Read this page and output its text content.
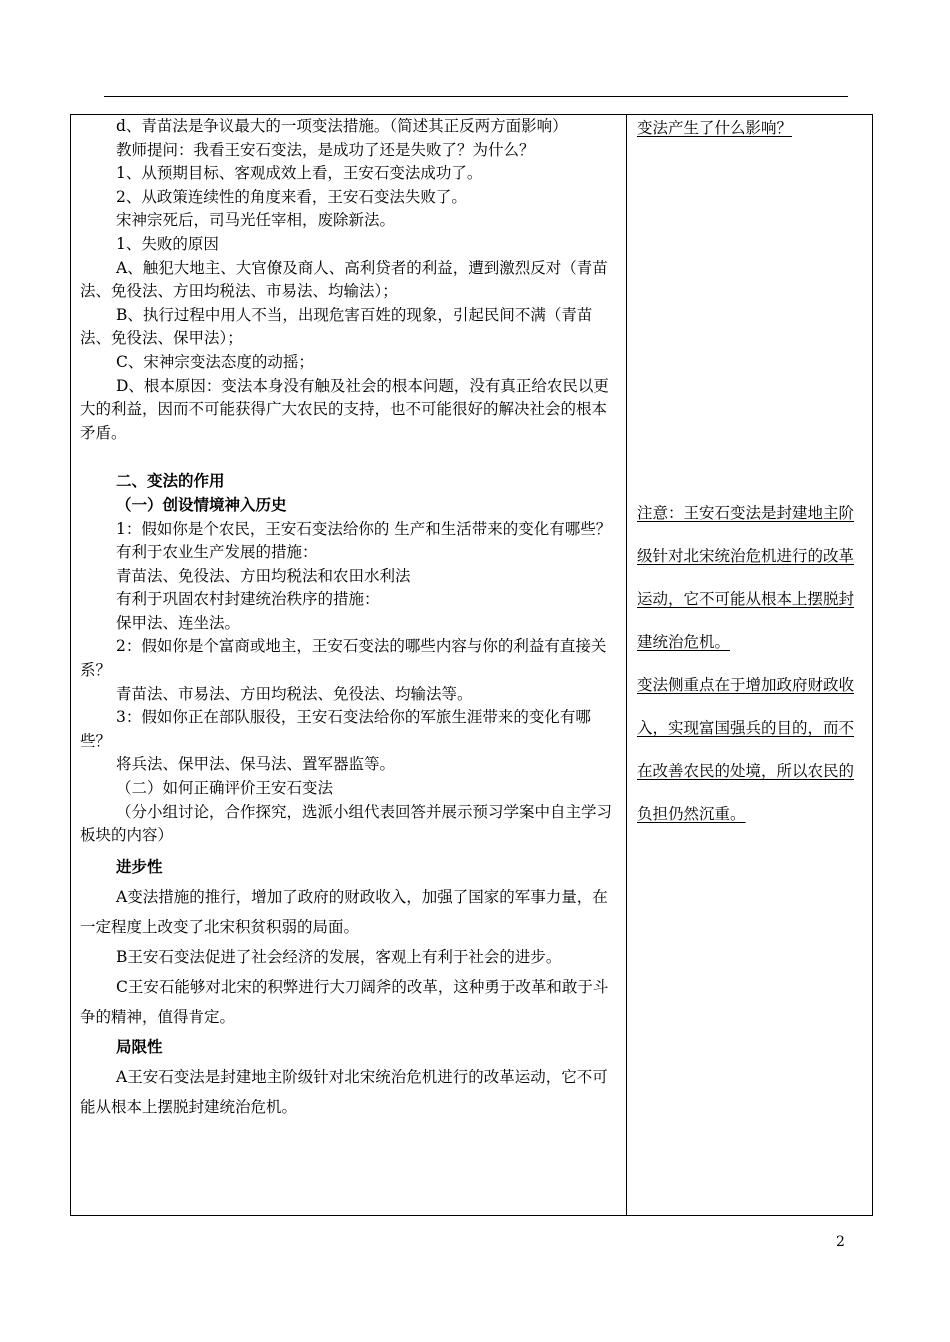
d、青苗法是争议最大的一项变法措施。（简述其正反两方面影响）

教师提问：我看王安石变法，是成功了还是失败了？为什么？

1、从预期目标、客观成效上看，王安石变法成功了。

2、从政策连续性的角度来看，王安石变法失败了。

宋神宗死后，司马光任宰相，废除新法。

1、失败的原因

A、触犯大地主、大官僚及商人、高利贷者的利益，遭到激烈反对（青苗法、免役法、方田均税法、市易法、均输法）；

B、执行过程中用人不当，出现危害百姓的现象，引起民间不满（青苗法、免役法、保甲法）；

C、宋神宗变法态度的动摇；

D、根本原因：变法本身没有触及社会的根本问题，没有真正给农民以更大的利益，因而不可能获得广大农民的支持，也不可能很好的解决社会的根本矛盾。

二、变法的作用

（一）创设情境神入历史

1：假如你是个农民，王安石变法给你的 生产和生活带来的变化有哪些？

有利于农业生产发展的措施：

青苗法、免役法、方田均税法和农田水利法

有利于巩固农村封建统治秩序的措施：

保甲法、连坐法。

2：假如你是个富商或地主，王安石变法的哪些内容与你的利益有直接关系？

青苗法、市易法、方田均税法、免役法、均输法等。

3：假如你正在部队服役，王安石变法给你的军旅生涯带来的变化有哪些？

将兵法、保甲法、保马法、置军器监等。

（二）如何正确评价王安石变法

（分小组讨论，合作探究，选派小组代表回答并展示预习学案中自主学习板块的内容）

进步性

A变法措施的推行，增加了政府的财政收入，加强了国家的军事力量，在一定程度上改变了北宋积贫积弱的局面。

B王安石变法促进了社会经济的发展，客观上有利于社会的进步。

C王安石能够对北宋的积弊进行大刀阔斧的改革，这种勇于改革和敢于斗争的精神，值得肯定。

局限性

A王安石变法是封建地主阶级针对北宋统治危机进行的改革运动，它不可能从根本上摆脱封建统治危机。

变法产生了什么影响？
注意：王安石变法是封建地主阶级针对北宋统治危机进行的改革运动，它不可能从根本上摆脱封建统治危机。
变法侧重点在于增加政府财政收入，实现富国强兵的目的，而不在改善农民的处境，所以农民的负担仍然沉重。
2
